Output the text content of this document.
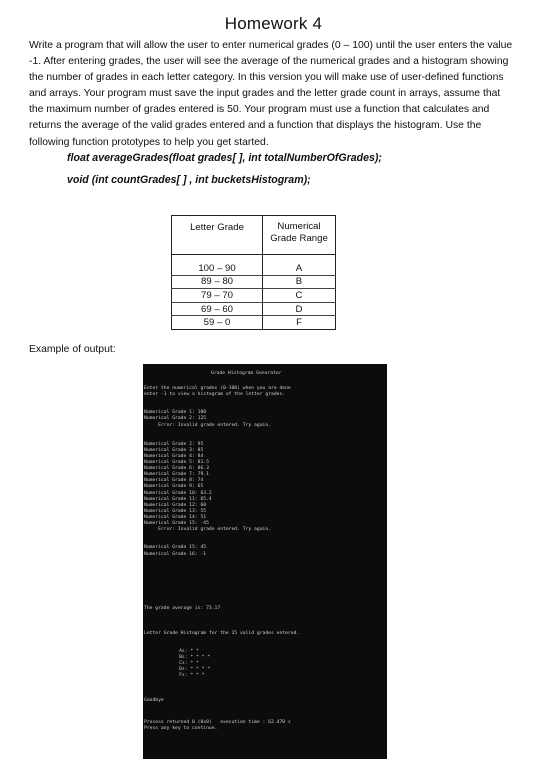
Homework 4
Write a program that will allow the user to enter numerical grades (0 – 100) until the user enters the value -1. After entering grades, the user will see the average of the numerical grades and a histogram showing the number of grades in each letter category. In this version you will make use of user-defined functions and arrays. Your program must save the input grades and the letter grade count in arrays, assume that the maximum number of grades entered is 50. Your program must use a function that calculates and returns the average of the valid grades entered and a function that displays the histogram. Use the following function prototypes to help you get started.
float averageGrades(float grades[ ], int totalNumberOfGrades);
void (int countGrades[ ] , int bucketsHistogram);
Letter Grade	Numerical Grade Range

100 – 90	A
89 – 80	B
79 – 70	C
69 – 60	D
59 – 0	F
Example of output:
Grade Histogram Generator
Enter the numerical grades (0-100) when you are done
enter -1 to view a histogram of the letter grades.
Numerical Grade 1: 100
Numerical Grade 2: 125
Error: Invalid grade entered. Try again.
Numerical Grade 2: 95
Numerical Grade 3: 85
Numerical Grade 4: 84
Numerical Grade 5: 81.5
Numerical Grade 6: 86.3
Numerical Grade 7: 79.1
Numerical Grade 8: 74
Numerical Grade 9: 65
Numerical Grade 10: 63.2
Numerical Grade 11: 65.4
Numerical Grade 12: 60
Numerical Grade 13: 55
Numerical Grade 14: 51
Numerical Grade 15: -45
Error: Invalid grade entered. Try again.
Numerical Grade 15: 45
Numerical Grade 16: -1
The grade average is: 73.17
Letter Grade Histogram for the 15 valid grades entered.
As: * *
Bs: * * * *
Cs: * *
Ds: * * * *
Fs: * * *
Goodbye
Process returned 0 (0x0)   execution time : 62.470 s
Press any key to continue.
